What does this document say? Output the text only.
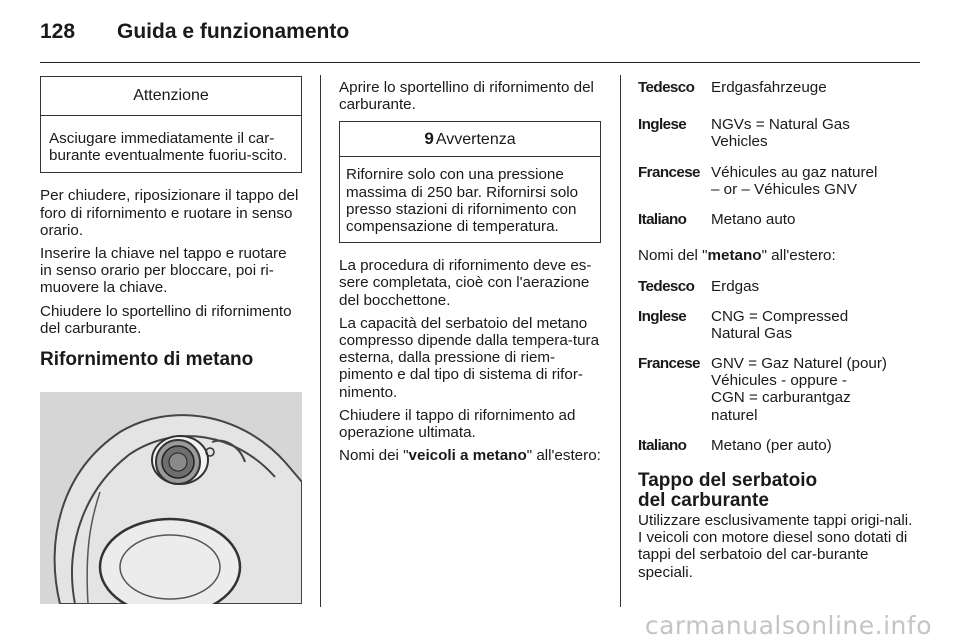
128 Guida e funzionamento
Attenzione
Asciugare immediatamente il car-burante eventualmente fuoriu-scito.

Per chiudere, riposizionare il tappo del foro di rifornimento e ruotare in senso orario.

Inserire la chiave nel tappo e ruotare in senso orario per bloccare, poi ri-muovere la chiave.

Chiudere lo sportellino di rifornimento del carburante.

Rifornimento di metano

Aprire lo sportellino di rifornimento del carburante.

9 Avvertenza
Rifornire solo con una pressione massima di 250 bar. Rifornirsi solo presso stazioni di rifornimento con compensazione di temperatura.

La procedura di rifornimento deve es-sere completata, cioè con l'aerazione del bocchettone.

La capacità del serbatoio del metano compresso dipende dalla tempera-tura esterna, dalla pressione di riem-pimento e dal tipo di sistema di rifor-nimento.

Chiudere il tappo di rifornimento ad operazione ultimata.

Nomi dei "veicoli a metano" all'estero:

Tedesco	Erdgasfahrzeuge
Inglese	NGVs = Natural Gas
Vehicles
Francese Véhicules au gaz naturel
– or – Véhicules GNV
Italiano	Metano auto

Nomi del "metano" all'estero:

Tedesco	Erdgas
Inglese	CNG = Compressed
Natural Gas
Francese GNV = Gaz Naturel (pour)
Véhicules - oppure -
CGN = carburantgaz
naturel
Italiano	Metano (per auto)
Tappo del serbatoio del carburante

Utilizzare esclusivamente tappi origi-nali. I veicoli con motore diesel sono dotati di tappi del serbatoio del car-burante speciali.

carmanualsonline.info
